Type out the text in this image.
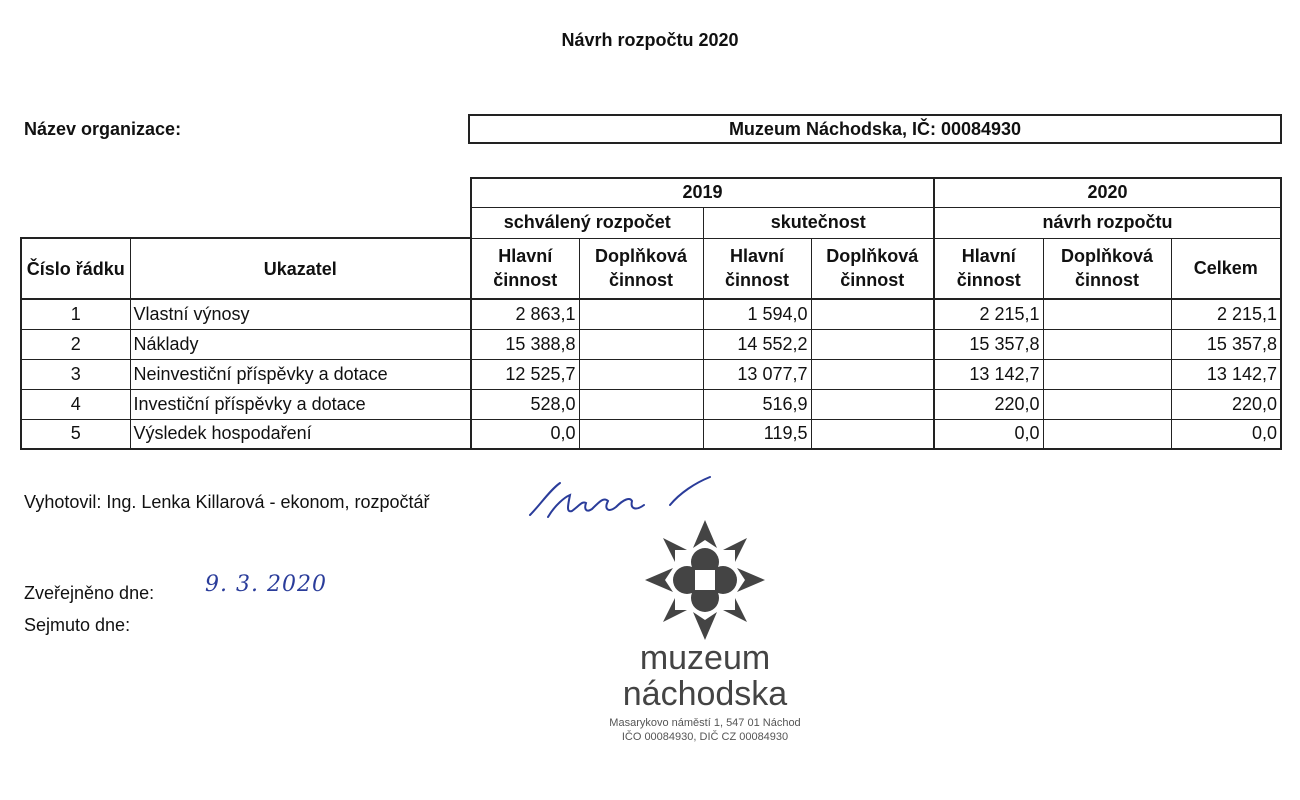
Návrh rozpočtu 2020
Název organizace:	Muzeum Náchodska, IČ: 00084930
		2019				2020		
		schválený rozpočet		skutečnost		návrh rozpočtu		
Číslo řádku	Ukazatel	Hlavní činnost	Doplňková činnost	Hlavní činnost	Doplňková činnost	Hlavní činnost	Doplňková činnost	Celkem
1	Vlastní výnosy	2 863,1		1 594,0		2 215,1		2 215,1
2	Náklady	15 388,8		14 552,2		15 357,8		15 357,8
3	Neinvestiční příspěvky a dotace	12 525,7		13 077,7		13 142,7		13 142,7
4	Investiční příspěvky a dotace	528,0		516,9		220,0		220,0
5	Výsledek hospodaření	0,0		119,5		0,0		0,0
Vyhotovil: Ing. Lenka Killarová - ekonom, rozpočtář
Zveřejněno dne: 9. 3. 2020
Sejmuto dne:
muzeum
náchodska
Masarykovo náměstí 1, 547 01 Náchod
IČO 00084930, DIČ CZ 00084930
